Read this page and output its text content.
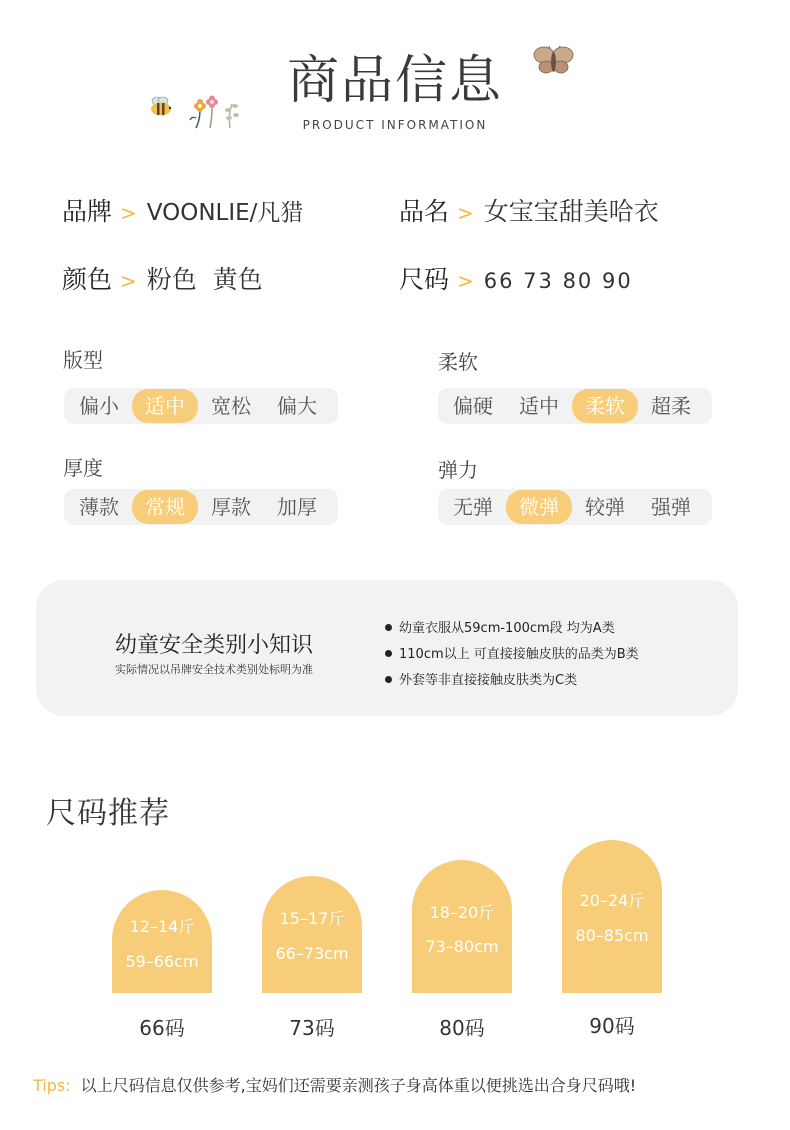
商品信息
PRODUCT INFORMATION
品牌 > VOONLIE/凡猎	品名 > 女宝宝甜美哈衣
颜色 > 粉色  黄色	尺码 > 66 73 80 90
版型
偏小	适中	宽松	偏大
柔软
偏硬	适中	柔软	超柔
厚度
薄款	常规	厚款	加厚
弹力
无弹	微弹	较弹	强弹
幼童安全类别小知识
实际情况以吊牌安全技术类别处标明为准
幼童衣服从59cm-100cm段 均为A类
110cm以上 可直接接触皮肤的品类为B类
外套等非直接接触皮肤类为C类
尺码推荐
12–14斤
59–66cm
15–17斤
66–73cm
18–20斤
73–80cm
20–24斤
80–85cm
66码	73码	80码	90码
Tips: 以上尺码信息仅供参考,宝妈们还需要亲测孩子身高体重以便挑选出合身尺码哦!
